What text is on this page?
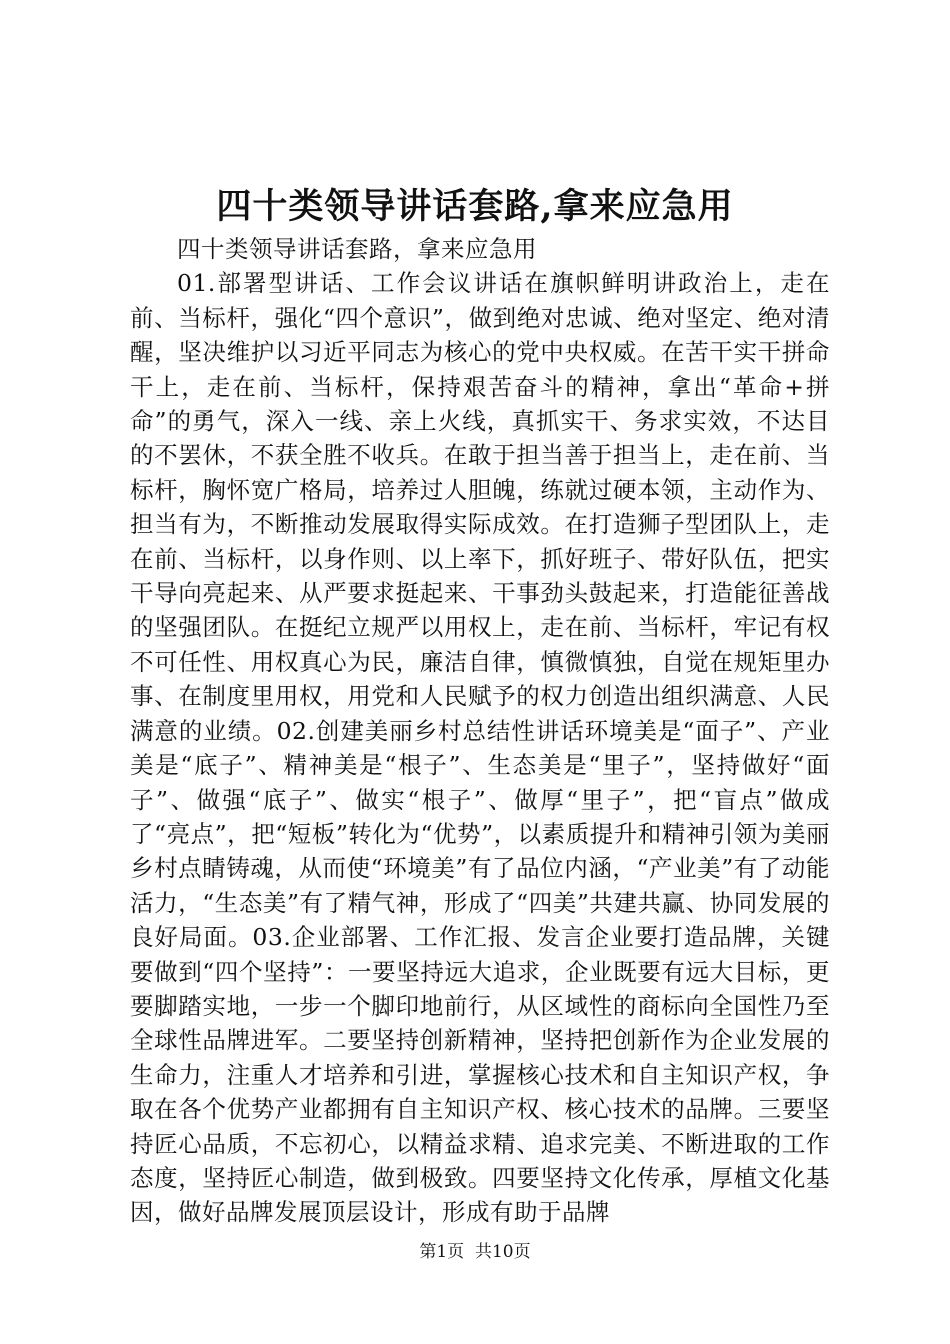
四十类领导讲话套路,拿来应急用

四十类领导讲话套路，拿来应急用

01.部署型讲话、工作会议讲话在旗帜鲜明讲政治上，走在前、当标杆，强化“四个意识”，做到绝对忠诚、绝对坚定、绝对清醒，坚决维护以习近平同志为核心的党中央权威。在苦干实干拼命干上，走在前、当标杆，保持艰苦奋斗的精神，拿出“革命+拼命”的勇气，深入一线、亲上火线，真抓实干、务求实效，不达目的不罢休，不获全胜不收兵。在敢于担当善于担当上，走在前、当标杆，胸怀宽广格局，培养过人胆魄，练就过硬本领，主动作为、担当有为，不断推动发展取得实际成效。在打造狮子型团队上，走在前、当标杆，以身作则、以上率下，抓好班子、带好队伍，把实干导向亮起来、从严要求挺起来、干事劲头鼓起来，打造能征善战的坚强团队。在挺纪立规严以用权上，走在前、当标杆，牢记有权不可任性、用权真心为民，廉洁自律，慎微慎独，自觉在规矩里办事、在制度里用权，用党和人民赋予的权力创造出组织满意、人民满意的业绩。02.创建美丽乡村总结性讲话环境美是“面子”、产业美是“底子”、精神美是“根子”、生态美是“里子”，坚持做好“面子”、做强“底子”、做实“根子”、做厚“里子”，把“盲点”做成了“亮点”，把“短板”转化为“优势”，以素质提升和精神引领为美丽乡村点睛铸魂，从而使“环境美”有了品位内涵，“产业美”有了动能活力，“生态美”有了精气神，形成了“四美”共建共赢、协同发展的良好局面。03.企业部署、工作汇报、发言企业要打造品牌，关键要做到“四个坚持”：一要坚持远大追求，企业既要有远大目标，更要脚踏实地，一步一个脚印地前行，从区域性的商标向全国性乃至全球性品牌进军。二要坚持创新精神，坚持把创新作为企业发展的生命力，注重人才培养和引进，掌握核心技术和自主知识产权，争取在各个优势产业都拥有自主知识产权、核心技术的品牌。三要坚持匠心品质，不忘初心，以精益求精、追求完美、不断进取的工作态度，坚持匠心制造，做到极致。四要坚持文化传承，厚植文化基因，做好品牌发展顶层设计，形成有助于品牌

第1页  共10页
